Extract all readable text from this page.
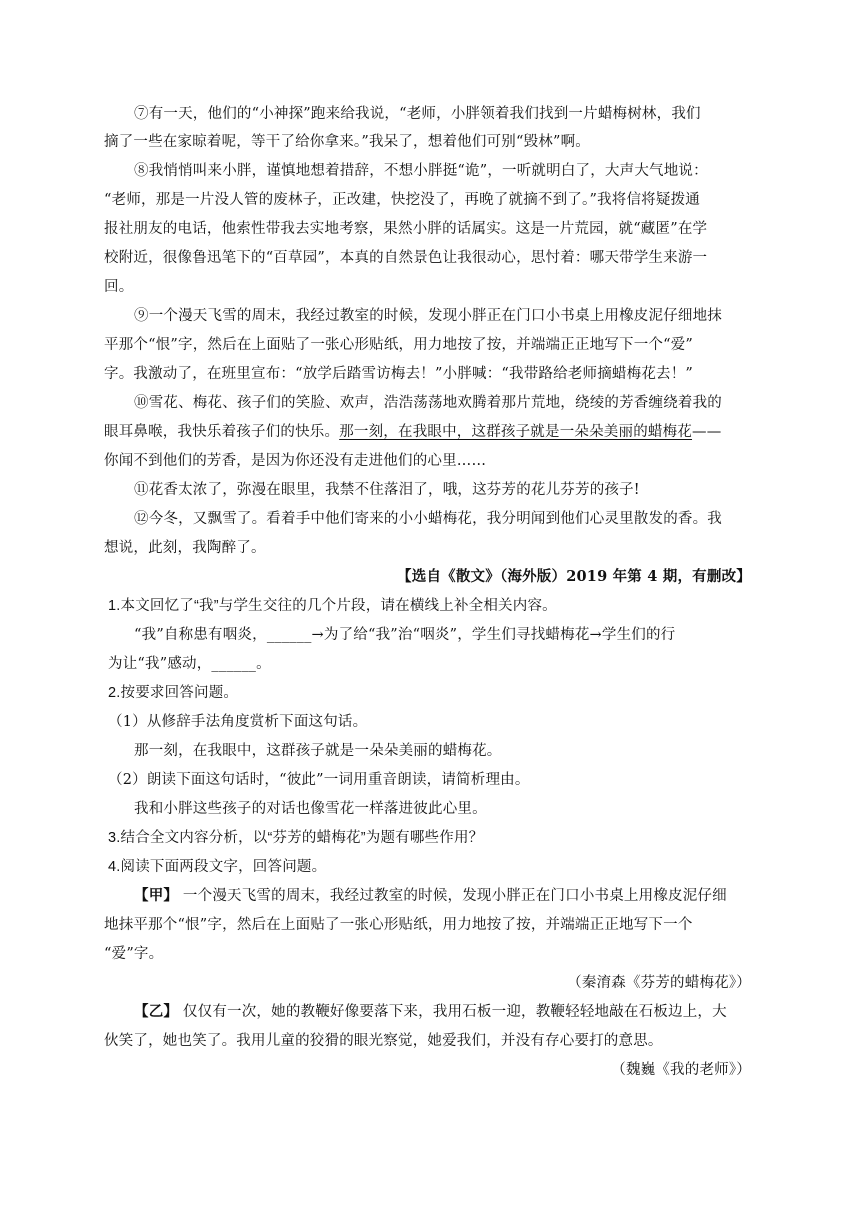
⑦有一天，他们的“小神探”跑来给我说，“老师，小胖领着我们找到一片蜡梅树林，我们
摘了一些在家晾着呢，等干了给你拿来。”我呆了，想着他们可别“毁林”啊。
⑧我悄悄叫来小胖，谨慎地想着措辞，不想小胖挺“诡”，一听就明白了，大声大气地说：
“老师，那是一片没人管的废林子，正改建，快挖没了，再晚了就摘不到了。”我将信将疑拨通
报社朋友的电话，他索性带我去实地考察，果然小胖的话属实。这是一片荒园，就“藏匿”在学
校附近，很像鲁迅笔下的“百草园”，本真的自然景色让我很动心，思忖着：哪天带学生来游一
回。
⑨一个漫天飞雪的周末，我经过教室的时候，发现小胖正在门口小书桌上用橡皮泥仔细地抹
平那个“恨”字，然后在上面贴了一张心形贴纸，用力地按了按，并端端正正地写下一个“爱”
字。我激动了，在班里宣布：“放学后踏雪访梅去！”小胖喊：“我带路给老师摘蜡梅花去！”
⑩雪花、梅花、孩子们的笑脸、欢声，浩浩荡荡地欢腾着那片荒地，绕绫的芳香缠绕着我的
眼耳鼻喉，我快乐着孩子们的快乐。那一刻，在我眼中，这群孩子就是一朵朵美丽的蜡梅花——
你闻不到他们的芳香，是因为你还没有走进他们的心里……
⑪花香太浓了，弥漫在眼里，我禁不住落泪了，哦，这芬芳的花儿芬芳的孩子!
⑫今冬，又飘雪了。看着手中他们寄来的小小蜡梅花，我分明闻到他们心灵里散发的香。我
想说，此刻，我陶醉了。
【选自《散文》（海外版）2019 年第 4 期，有删改】
1.本文回忆了“我”与学生交往的几个片段，请在横线上补全相关内容。
“我”自称患有咽炎，______→为了给“我”治“咽炎”，学生们寻找蜡梅花→学生们的行
为让“我”感动，______。
2.按要求回答问题。
（1）从修辞手法角度赏析下面这句话。
那一刻，在我眼中，这群孩子就是一朵朵美丽的蜡梅花。
（2）朗读下面这句话时，“彼此”一词用重音朗读，请简析理由。
我和小胖这些孩子的对话也像雪花一样落进彼此心里。
3.结合全文内容分析，以“芬芳的蜡梅花”为题有哪些作用？
4.阅读下面两段文字，回答问题。
【甲】 一个漫天飞雪的周末，我经过教室的时候，发现小胖正在门口小书桌上用橡皮泥仔细
地抹平那个“恨”字，然后在上面贴了一张心形贴纸，用力地按了按，并端端正正地写下一个
“爱”字。
（秦淯森《芬芳的蜡梅花》）
【乙】 仅仅有一次，她的教鞭好像要落下来，我用石板一迎，教鞭轻轻地敲在石板边上，大
伙笑了，她也笑了。我用儿童的狡猾的眼光察觉，她爱我们，并没有存心要打的意思。
（魏巍《我的老师》）
